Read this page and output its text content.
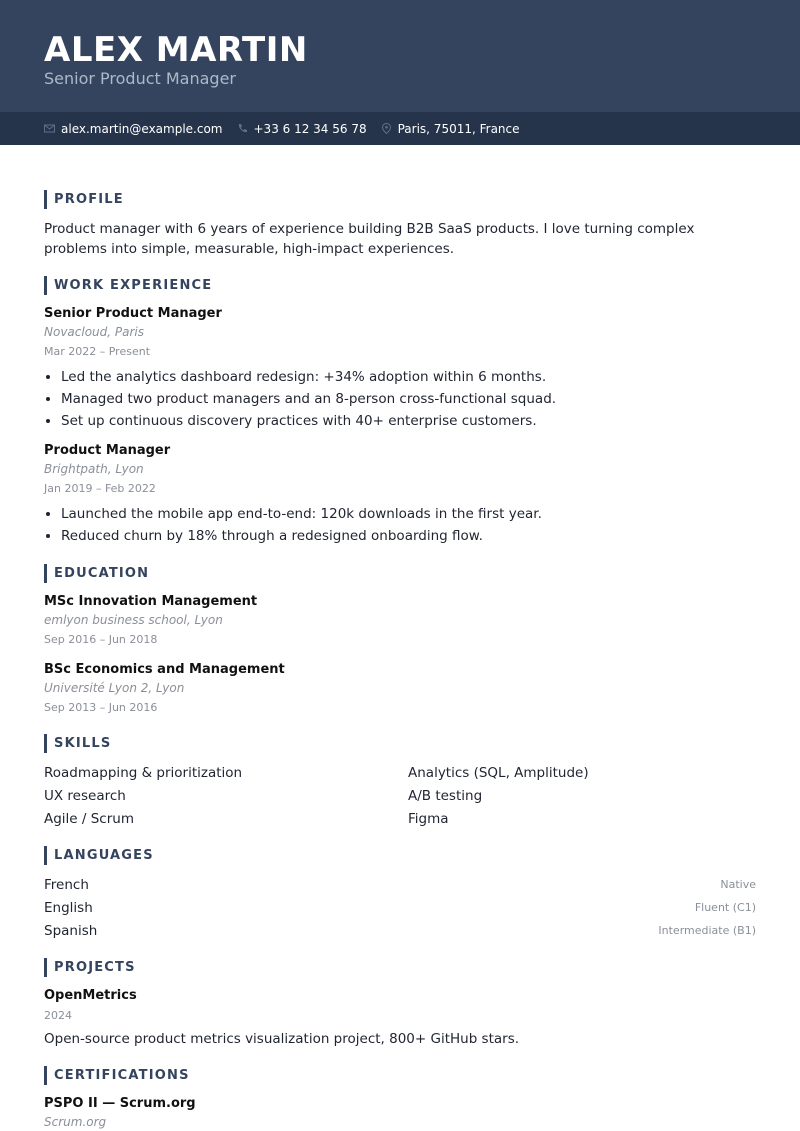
ALEX MARTIN
Senior Product Manager
alex.martin@example.com	+33 6 12 34 56 78	Paris, 75011, France
PROFILE

Product manager with 6 years of experience building B2B SaaS products. I love turning complex problems into simple, measurable, high-impact experiences.

WORK EXPERIENCE
Senior Product Manager
Novacloud, Paris
Mar 2022 – Present
• Led the analytics dashboard redesign: +34% adoption within 6 months.
• Managed two product managers and an 8-person cross-functional squad.
• Set up continuous discovery practices with 40+ enterprise customers.
Product Manager
Brightpath, Lyon
Jan 2019 – Feb 2022
• Launched the mobile app end-to-end: 120k downloads in the first year.
• Reduced churn by 18% through a redesigned onboarding flow.
EDUCATION
MSc Innovation Management
emlyon business school, Lyon
Sep 2016 – Jun 2018
BSc Economics and Management
Université Lyon 2, Lyon
Sep 2013 – Jun 2016
SKILLS
Roadmapping & prioritization	Analytics (SQL, Amplitude)
UX research	A/B testing
Agile / Scrum	Figma
LANGUAGES
French	Native
English	Fluent (C1)
Spanish	Intermediate (B1)
PROJECTS
OpenMetrics
2024
Open-source product metrics visualization project, 800+ GitHub stars.
CERTIFICATIONS
PSPO II — Scrum.org
Scrum.org
